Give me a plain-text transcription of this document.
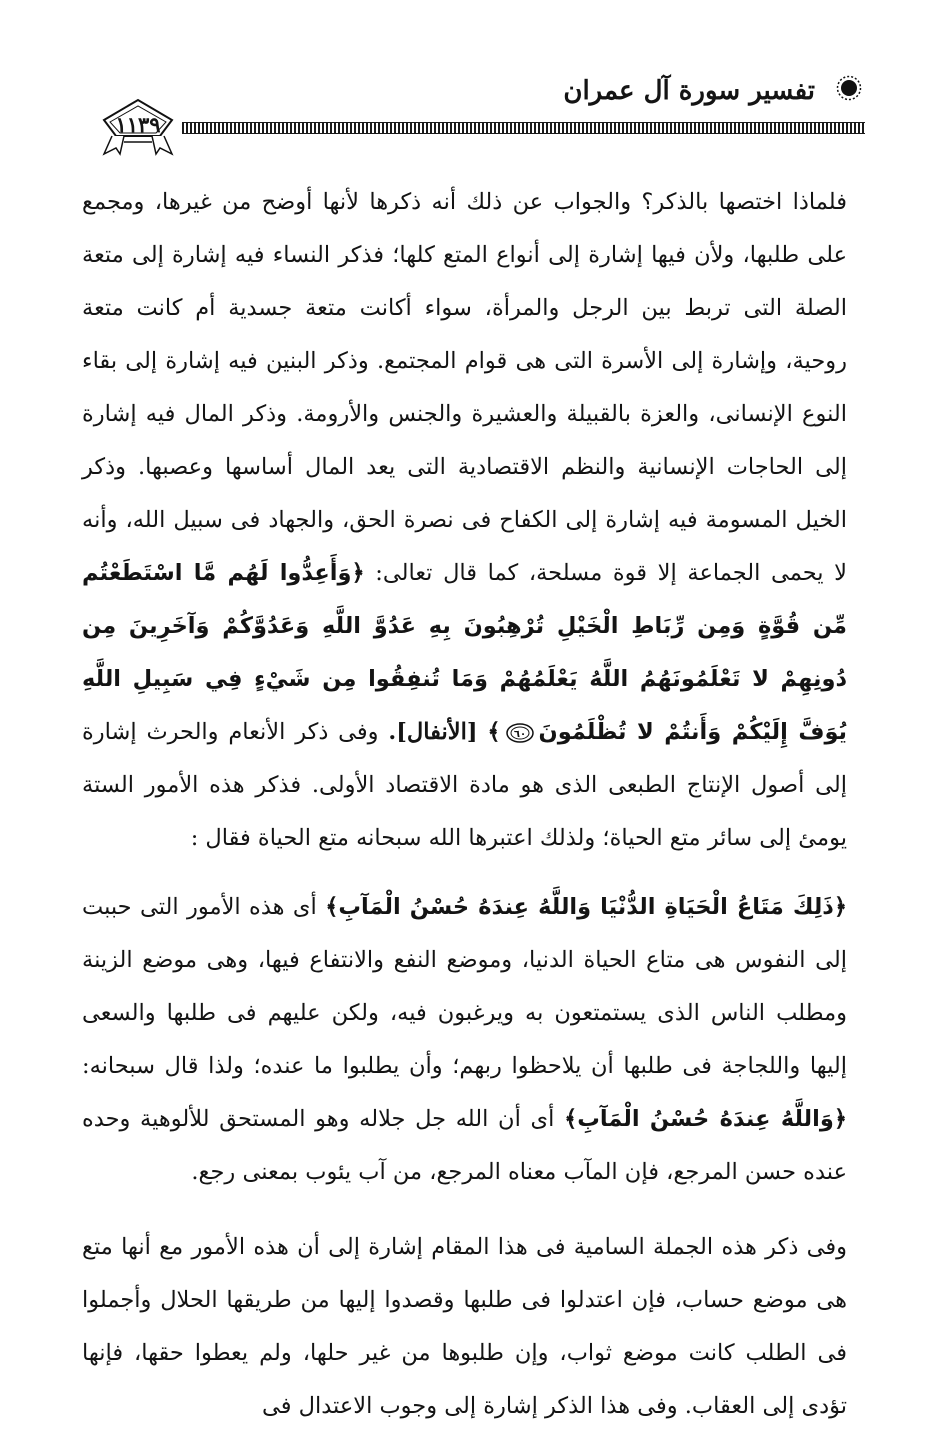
تفسير سورة آل عمران
١١٣٩

فلماذا اختصها بالذكر؟ والجواب عن ذلك أنه ذكرها لأنها أوضح من غيرها، ومجمع على طلبها، ولأن فيها إشارة إلى أنواع المتع كلها؛ فذكر النساء فيه إشارة إلى متعة الصلة التى تربط بين الرجل والمرأة، سواء أكانت متعة جسدية أم كانت متعة روحية، وإشارة إلى الأسرة التى هى قوام المجتمع. وذكر البنين فيه إشارة إلى بقاء النوع الإنسانى، والعزة بالقبيلة والعشيرة والجنس والأرومة. وذكر المال فيه إشارة إلى الحاجات الإنسانية والنظم الاقتصادية التى يعد المال أساسها وعصبها. وذكر الخيل المسومة فيه إشارة إلى الكفاح فى نصرة الحق، والجهاد فى سبيل الله، وأنه لا يحمى الجماعة إلا قوة مسلحة، كما قال تعالى: ﴿وَأَعِدُّوا لَهُم مَّا اسْتَطَعْتُم مِّن قُوَّةٍ وَمِن رِّبَاطِ الْخَيْلِ تُرْهِبُونَ بِهِ عَدُوَّ اللَّهِ وَعَدُوَّكُمْ وَآخَرِينَ مِن دُونِهِمْ لا تَعْلَمُونَهُمُ اللَّهُ يَعْلَمُهُمْ وَمَا تُنفِقُوا مِن شَيْءٍ فِي سَبِيلِ اللَّهِ يُوَفَّ إِلَيْكُمْ وَأَنتُمْ لا تُظْلَمُونَ
٦٠
﴾ [الأنفال]. وفى ذكر الأنعام والحرث إشارة إلى أصول الإنتاج الطبعى الذى هو مادة الاقتصاد الأولى. فذكر هذه الأمور الستة يومئ إلى سائر متع الحياة؛ ولذلك اعتبرها الله سبحانه متع الحياة فقال :

﴿ذَلِكَ مَتَاعُ الْحَيَاةِ الدُّنْيَا وَاللَّهُ عِندَهُ حُسْنُ الْمَآبِ﴾ أى هذه الأمور التى حببت إلى النفوس هى متاع الحياة الدنيا، وموضع النفع والانتفاع فيها، وهى موضع الزينة ومطلب الناس الذى يستمتعون به ويرغبون فيه، ولكن عليهم فى طلبها والسعى إليها واللجاجة فى طلبها أن يلاحظوا ربهم؛ وأن يطلبوا ما عنده؛ ولذا قال سبحانه: ﴿وَاللَّهُ عِندَهُ حُسْنُ الْمَآبِ﴾ أى أن الله جل جلاله وهو المستحق للألوهية وحده عنده حسن المرجع، فإن المآب معناه المرجع، من آب يئوب بمعنى رجع.

وفى ذكر هذه الجملة السامية فى هذا المقام إشارة إلى أن هذه الأمور مع أنها متع هى موضع حساب، فإن اعتدلوا فى طلبها وقصدوا إليها من طريقها الحلال وأجملوا فى الطلب كانت موضع ثواب، وإن طلبوها من غير حلها، ولم يعطوا حقها، فإنها تؤدى إلى العقاب. وفى هذا الذكر إشارة إلى وجوب الاعتدال فى
